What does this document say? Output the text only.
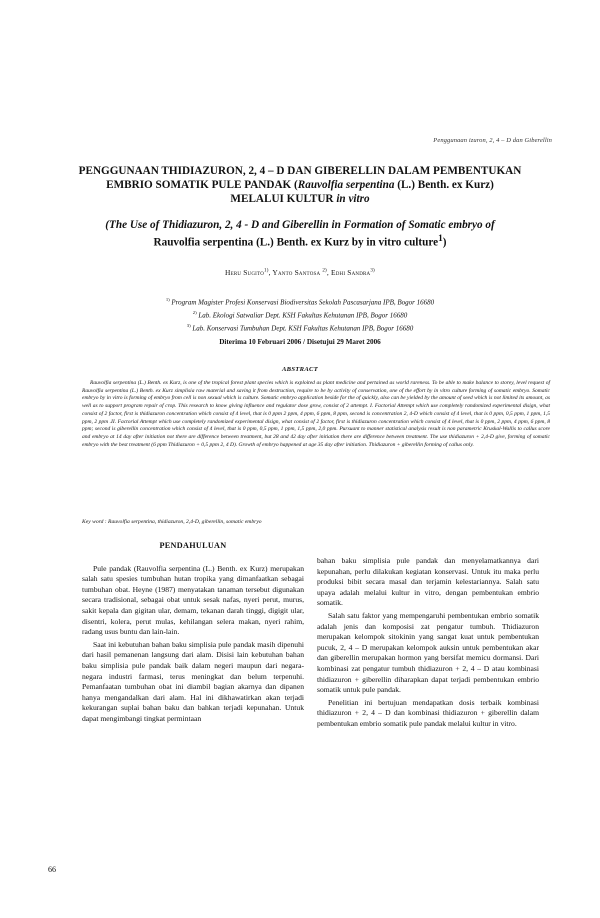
Penggunaan izuron, 2, 4 – D dan Giberellin
PENGGUNAAN THIDIAZURON, 2, 4 – D DAN GIBERELLIN DALAM PEMBENTUKAN
EMBRIO SOMATIK PULE PANDAK (Rauvolfia serpentina (L.) Benth. ex Kurz)
MELALUI KULTUR in vitro
(The Use of Thidiazuron, 2, 4 - D and Giberellin in Formation of Somatic embryo of
Rauvolfia serpentina (L.) Benth. ex Kurz by in vitro culture$^1$)
Heru Sugito$^{1)}$, Yanto Santosa $^{2)}$, Edhi Sandra$^{3)}$
$^{1)}$ Program Magister Profesi Konservasi Biodiversitas Sekolah Pascasarjana IPB, Bogor 16680
$^{2)}$ Lab. Ekologi Satwaliar Dept. KSH Fakultas Kehutanan IPB, Bogor 16680
$^{3)}$ Lab. Konservasi Tumbuhan Dept. KSH Fakultas Kehutanan IPB, Bogor 16680
Diterima 10 Februari 2006 / Disetujui 29 Maret 2006
ABSTRACT

Rauvolfia serpentina (L.) Benth. ex Kurz, is one of the tropical forest plant species which is exploited as plant medicine and pertained as world rareness. To be able to make balance to storey, level request of Rauvolfia serpentina (L.) Benth. ex Kurz simplisia raw material and saving it from destruction, require to be by activity of conservation, one of the effort by in vitro culture forming of somatic embryo. Somatic embryo by in vitro is forming of embryo from cell is non sexual which is culture. Somatic embryo application beside for the of quickly, also can be yielded by the amount of seed which is not limited its amount, as well as to support program repair of crop. This research to know giving influence and regulator dose grow, consist of 2 attempt. I. Factorial Attempt which use completely randomized experimental disign, what consist of 2 factor, first is thidiazuron concentration which consist of 4 level, that is 0 ppm 2 ppm, 4 ppm, 6 ppm, 8 ppm, second is concentration 2, 4-D which consist of 4 level, that is 0 ppm, 0,5 ppm, 1 ppm, 1,5 ppm, 2 ppm .II. Factorial Attempt which use completely randomized experimental disign, what consist of 2 factor, first is thidiazuron concentration which consist of 4 level, that is 0 ppm, 2 ppm, 4 ppm, 6 ppm, 8 ppm; second is giberellin concentration which consist of 4 level, that is 0 ppm, 0,5 ppm, 1 ppm, 1,5 ppm, 2,0 ppm. Pursuant to manner statistical analysis result is non parametric Kruskal-Wallis to callus score and embryo at 14 day after initiation not there are difference between treatment, but 28 and 42 day after initiation there are difference between treatment. The use thidiazuron + 2,4-D give, forming of somatic embryo with the best treatment (6 ppm Thidiazuron + 0,5 ppm 2, 4 D). Growth of embryo happened at age 35 day after initiation. Thidiazuron + giberellin forming of callus only.

Key word : Rauvolfia serpentina, thidiazuron, 2,4-D, giberellin, somatic embryo
PENDAHULUAN

Pule pandak (Rauvolfia serpentina (L.) Benth. ex Kurz) merupakan salah satu spesies tumbuhan hutan tropika yang dimanfaatkan sebagai tumbuhan obat. Heyne (1987) menyatakan tanaman tersebut digunakan secara tradisional, sebagai obat untuk sesak nafas, nyeri perut, murus, sakit kepala dan gigitan ular, demam, tekanan darah tinggi, digigit ular, disentri, kolera, perut mulas, kehilangan selera makan, nyeri rahim, radang usus buntu dan lain-lain.

Saat ini kebutuhan bahan baku simplisia pule pandak masih dipenuhi dari hasil pemanenan langsung dari alam. Disisi lain kebutuhan bahan baku simplisia pule pandak baik dalam negeri maupun dari negara-negara industri farmasi, terus meningkat dan belum terpenuhi. Pemanfaatan tumbuhan obat ini diambil bagian akarnya dan dipanen hanya mengandalkan dari alam. Hal ini dikhawatirkan akan terjadi kekurangan suplai bahan baku dan bahkan terjadi kepunahan. Untuk dapat mengimbangi tingkat permintaan

bahan baku simplisia pule pandak dan menyelamatkannya dari kepunahan, perlu dilakukan kegiatan konservasi. Untuk itu maka perlu produksi bibit secara masal dan terjamin kelestariannya. Salah satu upaya adalah melalui kultur in vitro, dengan pembentukan embrio somatik.

Salah satu faktor yang mempengaruhi pembentukan embrio somatik adalah jenis dan komposisi zat pengatur tumbuh. Thidiazuron merupakan kelompok sitokinin yang sangat kuat untuk pembentukan pucuk, 2, 4 – D merupakan kelompok auksin untuk pembentukan akar dan giberellin merupakan hormon yang bersifat memicu dormansi. Dari kombinasi zat pengatur tumbuh thidiazuron + 2, 4 – D atau kombinasi thidiazuron + giberellin diharapkan dapat terjadi pembentukan embrio somatik untuk pule pandak.

Penelitian ini bertujuan mendapatkan dosis terbaik kombinasi thidiazuron + 2, 4 – D dan kombinasi thidiazuron + giberellin dalam pembentukan embrio somatik pule pandak melalui kultur in vitro.

66
